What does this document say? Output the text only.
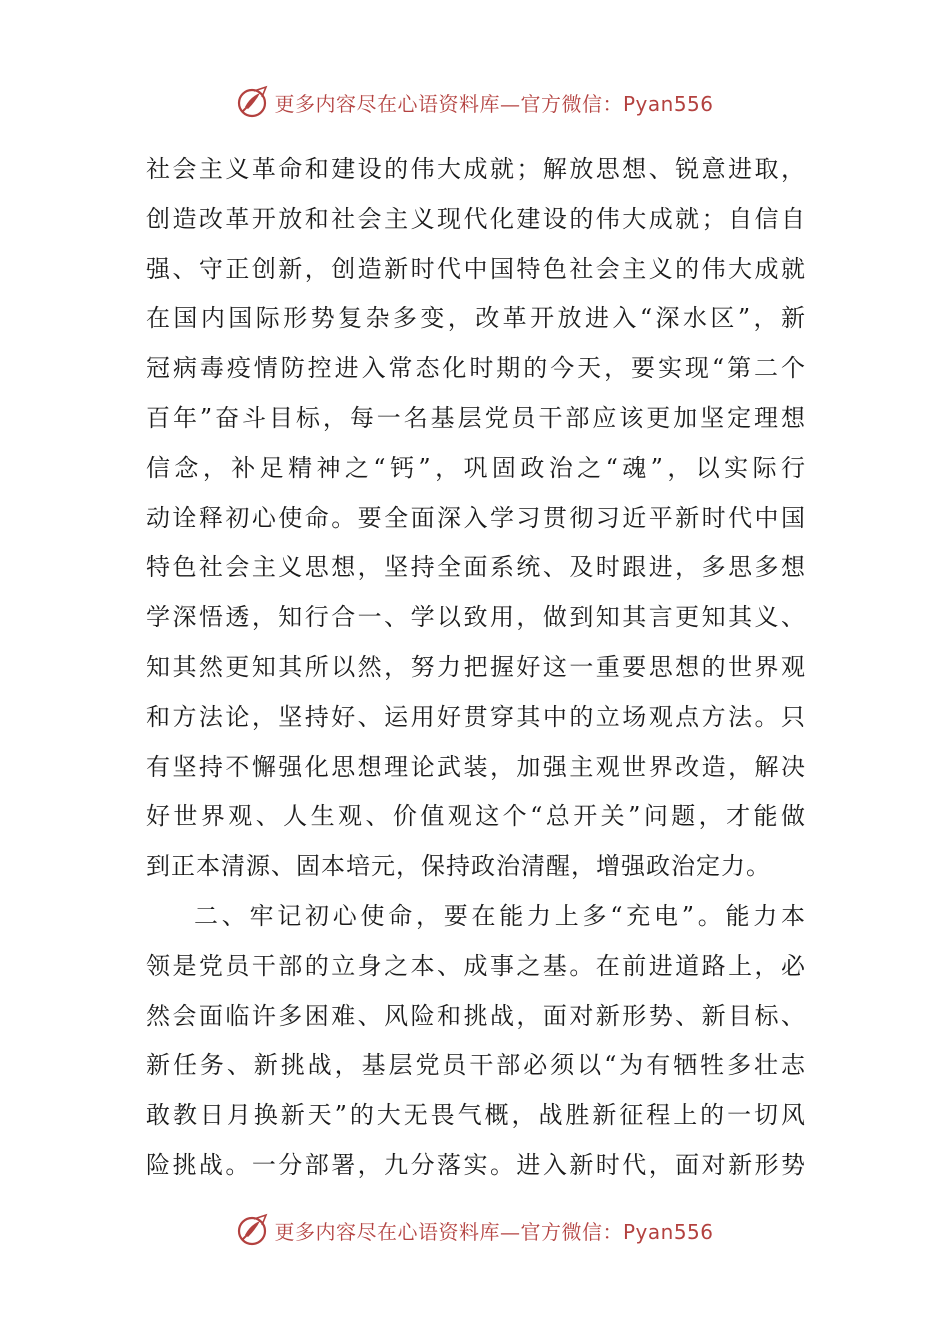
更多内容尽在心语资料库—官方微信：Pyan556
社会主义革命和建设的伟大成就；解放思想、锐意进取，
创造改革开放和社会主义现代化建设的伟大成就；自信自
强、守正创新，创造新时代中国特色社会主义的伟大成就
在国内国际形势复杂多变，改革开放进入“深水区”，新
冠病毒疫情防控进入常态化时期的今天，要实现“第二个
百年”奋斗目标，每一名基层党员干部应该更加坚定理想
信念，补足精神之“钙”，巩固政治之“魂”，以实际行
动诠释初心使命。要全面深入学习贯彻习近平新时代中国
特色社会主义思想，坚持全面系统、及时跟进，多思多想
学深悟透，知行合一、学以致用，做到知其言更知其义、
知其然更知其所以然，努力把握好这一重要思想的世界观
和方法论，坚持好、运用好贯穿其中的立场观点方法。只
有坚持不懈强化思想理论武装，加强主观世界改造，解决
好世界观、人生观、价值观这个“总开关”问题，才能做
到正本清源、固本培元，保持政治清醒，增强政治定力。
二、牢记初心使命，要在能力上多“充电”。能力本
领是党员干部的立身之本、成事之基。在前进道路上，必
然会面临许多困难、风险和挑战，面对新形势、新目标、
新任务、新挑战，基层党员干部必须以“为有牺牲多壮志
敢教日月换新天”的大无畏气概，战胜新征程上的一切风
险挑战。一分部署，九分落实。进入新时代，面对新形势
更多内容尽在心语资料库—官方微信：Pyan556
